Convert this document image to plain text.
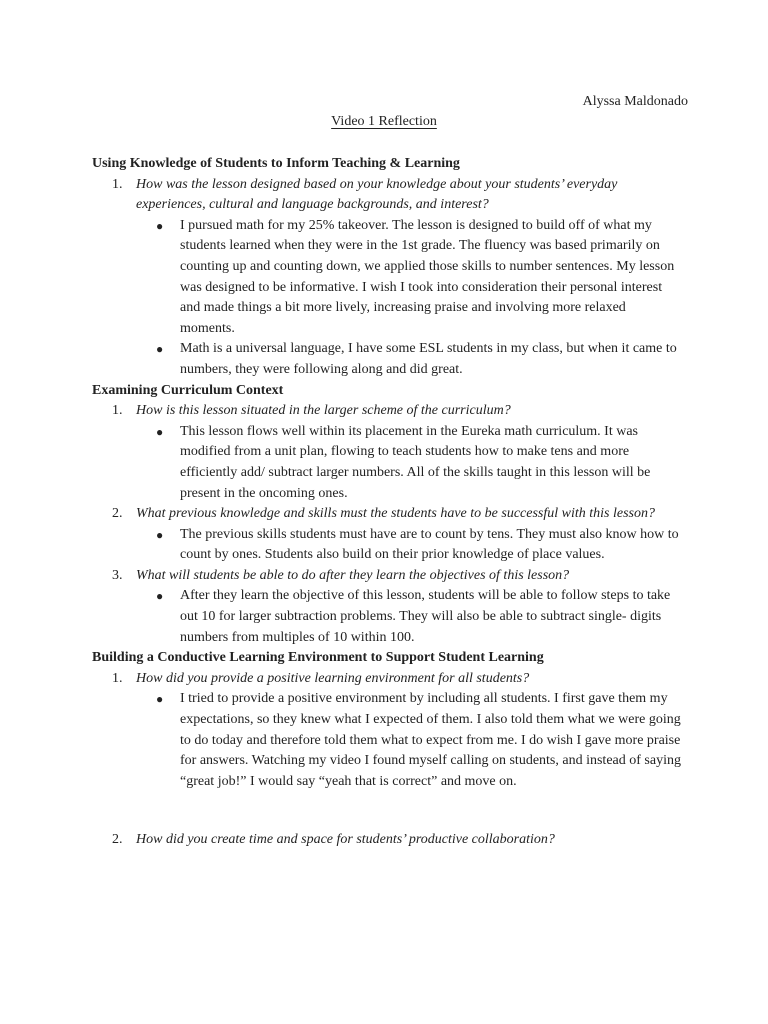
Alyssa Maldonado
Video 1 Reflection
Using Knowledge of Students to Inform Teaching & Learning
1. How was the lesson designed based on your knowledge about your students’ everyday experiences, cultural and language backgrounds, and interest?
● I pursued math for my 25% takeover. The lesson is designed to build off of what my students learned when they were in the 1st grade. The fluency was based primarily on counting up and counting down, we applied those skills to number sentences. My lesson was designed to be informative. I wish I took into consideration their personal interest and made things a bit more lively, increasing praise and involving more relaxed moments.
● Math is a universal language, I have some ESL students in my class, but when it came to numbers, they were following along and did great.
Examining Curriculum Context
1. How is this lesson situated in the larger scheme of the curriculum?
● This lesson flows well within its placement in the Eureka math curriculum. It was modified from a unit plan, flowing to teach students how to make tens and more efficiently add/ subtract larger numbers. All of the skills taught in this lesson will be present in the oncoming ones.
2. What previous knowledge and skills must the students have to be successful with this lesson?
● The previous skills students must have are to count by tens. They must also know how to count by ones. Students also build on their prior knowledge of place values.
3. What will students be able to do after they learn the objectives of this lesson?
● After they learn the objective of this lesson, students will be able to follow steps to take out 10 for larger subtraction problems. They will also be able to subtract single- digits numbers from multiples of 10 within 100.
Building a Conductive Learning Environment to Support Student Learning
1. How did you provide a positive learning environment for all students?
● I tried to provide a positive environment by including all students. I first gave them my expectations, so they knew what I expected of them. I also told them what we were going to do today and therefore told them what to expect from me. I do wish I gave more praise for answers. Watching my video I found myself calling on students, and instead of saying “great job!” I would say “yeah that is correct” and move on.
2. How did you create time and space for students’ productive collaboration?
